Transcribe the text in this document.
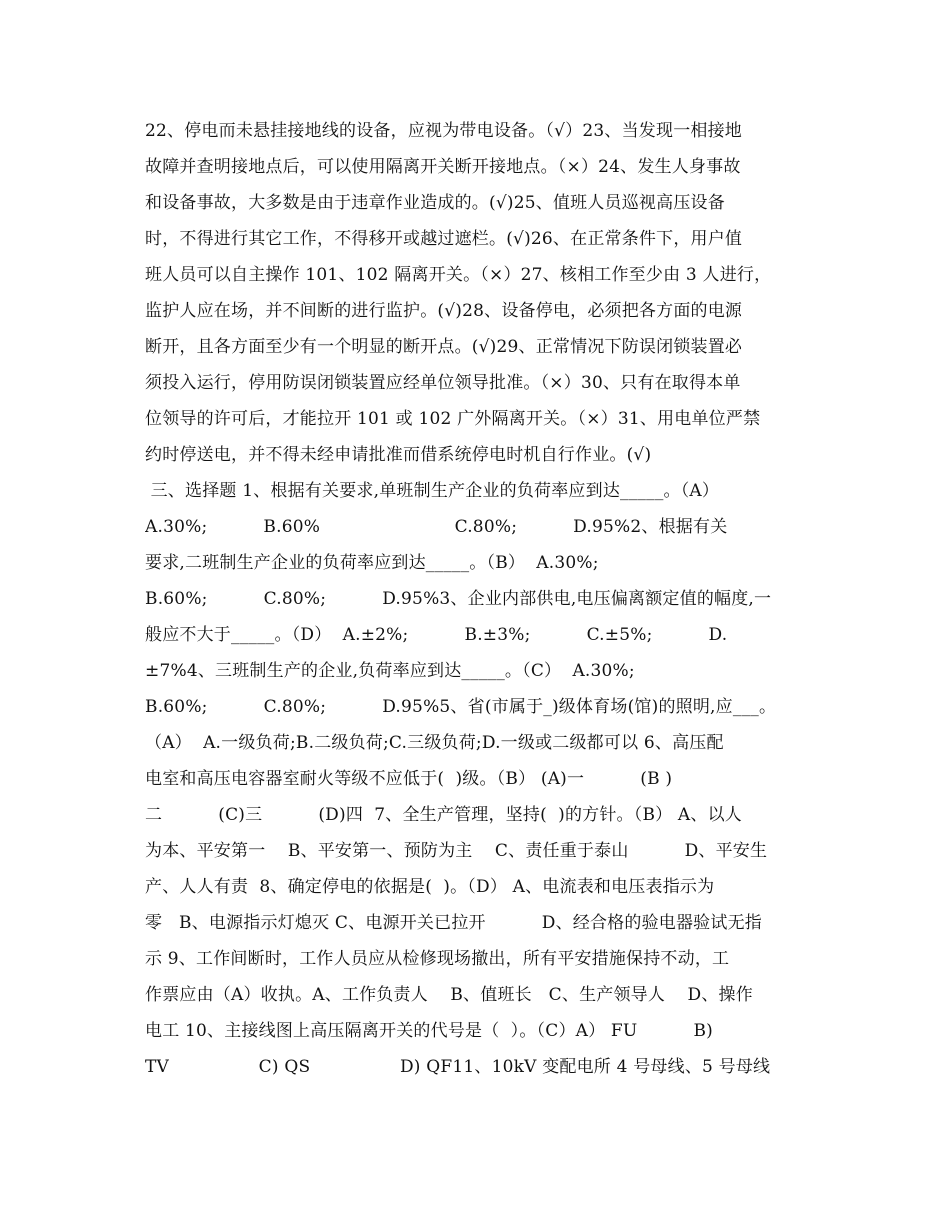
22、停电而未悬挂接地线的设备，应视为带电设备。（√）23、当发现一相接地
故障并查明接地点后，可以使用隔离开关断开接地点。（×）24、发生人身事故
和设备事故，大多数是由于违章作业造成的。(√)25、值班人员巡视高压设备
时，不得进行其它工作，不得移开或越过遮栏。(√)26、在正常条件下，用户值
班人员可以自主操作 101、102 隔离开关。（×）27、核相工作至少由 3 人进行，
监护人应在场，并不间断的进行监护。(√)28、设备停电，必须把各方面的电源
断开，且各方面至少有一个明显的断开点。(√)29、正常情况下防误闭锁装置必
须投入运行，停用防误闭锁装置应经单位领导批准。（×）30、只有在取得本单
位领导的许可后，才能拉开 101 或 102 广外隔离开关。（×）31、用电单位严禁
约时停送电，并不得未经申请批准而借系统停电时机自行作业。(√)
三、选择题 1、根据有关要求,单班制生产企业的负荷率应到达_____。（A）
A.30%;          B.60%                        C.80%;          D.95%2、根据有关
要求,二班制生产企业的负荷率应到达_____。（B）  A.30%;
B.60%;          C.80%;          D.95%3、企业内部供电,电压偏离额定值的幅度,一
般应不大于_____。（D）  A.±2%;          B.±3%;          C.±5%;          D.
±7%4、三班制生产的企业,负荷率应到达_____。（C）  A.30%;
B.60%;          C.80%;          D.95%5、省(市属于_)级体育场(馆)的照明,应___。
（A）  A.一级负荷;B.二级负荷;C.三级负荷;D.一级或二级都可以 6、高压配
电室和高压电容器室耐火等级不应低于(  )级。（B） (A)一          (B )
二          (C)三          (D)四  7、全生产管理，坚持(  )的方针。（B） A、以人
为本、平安第一    B、平安第一、预防为主    C、责任重于泰山          D、平安生
产、人人有责  8、确定停电的依据是(  )。（D） A、电流表和电压表指示为
零   B、电源指示灯熄灭 C、电源开关已拉开          D、经合格的验电器验试无指
示 9、工作间断时，工作人员应从检修现场撤出，所有平安措施保持不动，工
作票应由（A）收执。A、工作负责人    B、值班长   C、生产领导人    D、操作
电工 10、主接线图上高压隔离开关的代号是（  ）。（C）A） FU          B)
TV                C) QS                D) QF11、10kV 变配电所 4 号母线、5 号母线
